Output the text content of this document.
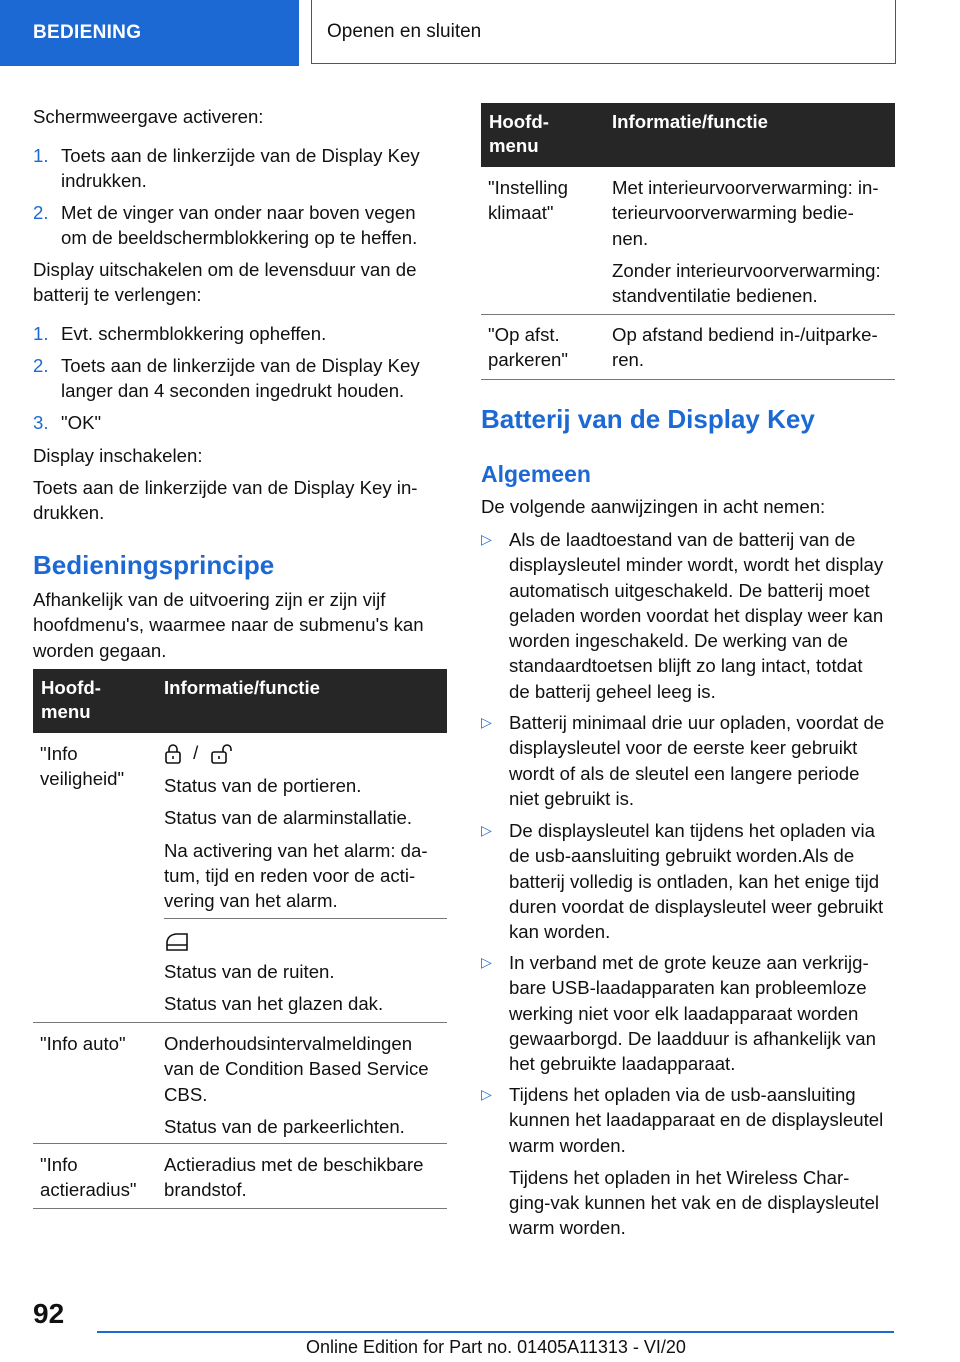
BEDIENING	Openen en sluiten
Schermweergave activeren:
1. Toets aan de linkerzijde van de Display Key
indrukken.
2. Met de vinger van onder naar boven vegen
om de beeldschermblokkering op te heffen.
Display uitschakelen om de levensduur van de
batterij te verlengen:
1. Evt. schermblokkering opheffen.
2. Toets aan de linkerzijde van de Display Key
langer dan 4 seconden ingedrukt houden.
3. "OK"
Display inschakelen:
Toets aan de linkerzijde van de Display Key in-
drukken.
Bedieningsprincipe
Afhankelijk van de uitvoering zijn er zijn vijf
hoofdmenu's, waarmee naar de submenu's kan
worden gegaan.
Hoofd-
menu
Informatie/functie
"Info
veiligheid"
/
Status van de portieren.
Status van de alarminstallatie.
Na activering van het alarm: da-
tum, tijd en reden voor de acti-
vering van het alarm.
Status van de ruiten.
Status van het glazen dak.
"Info auto"	Onderhoudsintervalmeldingen
van de Condition Based Service
CBS.
Status van de parkeerlichten.
"Info
actieradius"
Actieradius met de beschikbare
brandstof.
Hoofd-
menu
Informatie/functie
"Instelling
klimaat"
Met interieurvoorverwarming: in-
terieurvoorverwarming bedie-
nen.
Zonder interieurvoorverwarming:
standventilatie bedienen.
"Op afst.
parkeren"
Op afstand bediend in-/uitparke-
ren.
Batterij van de Display Key
Algemeen
De volgende aanwijzingen in acht nemen:
▷ Als de laadtoestand van de batterij van de
displaysleutel minder wordt, wordt het display
automatisch uitgeschakeld. De batterij moet
geladen worden voordat het display weer kan
worden ingeschakeld. De werking van de
standaardtoetsen blijft zo lang intact, totdat
de batterij geheel leeg is.
▷ Batterij minimaal drie uur opladen, voordat de
displaysleutel voor de eerste keer gebruikt
wordt of als de sleutel een langere periode
niet gebruikt is.
▷ De displaysleutel kan tijdens het opladen via
de usb-aansluiting gebruikt worden.Als de
batterij volledig is ontladen, kan het enige tijd
duren voordat de displaysleutel weer gebruikt
kan worden.
▷ In verband met de grote keuze aan verkrijg-
bare USB-laadapparaten kan probleemloze
werking niet voor elk laadapparaat worden
gewaarborgd. De laadduur is afhankelijk van
het gebruikte laadapparaat.
▷ Tijdens het opladen via de usb-aansluiting
kunnen het laadapparaat en de displaysleutel
warm worden.
Tijdens het opladen in het Wireless Char-
ging-vak kunnen het vak en de displaysleutel
warm worden.
92
Online Edition for Part no. 01405A11313 - VI/20
